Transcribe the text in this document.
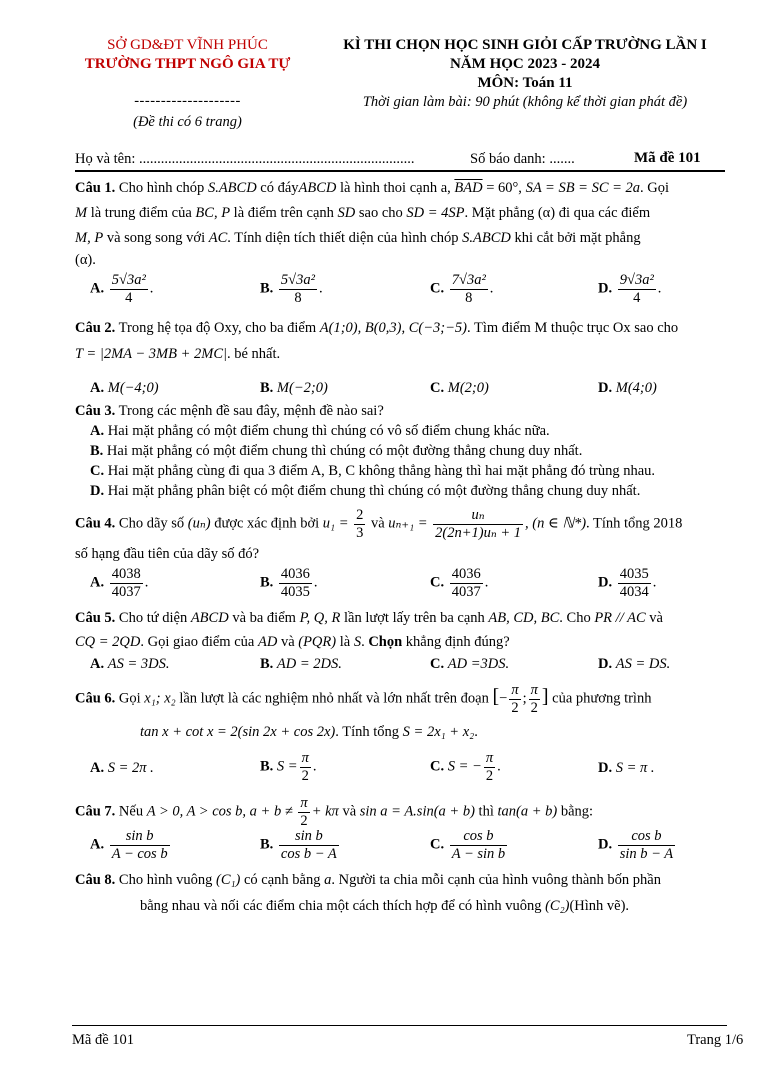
SỞ GD&ĐT VĨNH PHÚC
TRƯỜNG THPT NGÔ GIA TỰ
--------------------
(Đề thi có 6 trang)
KÌ THI CHỌN HỌC SINH GIỎI CẤP TRƯỜNG LẦN I
NĂM HỌC 2023 - 2024
MÔN: Toán 11
Thời gian làm bài: 90 phút (không kể thời gian phát đề)
Họ và tên: ............................................................................	Số báo danh: .......	Mã đề 101
Câu 1. Cho hình chóp S.ABCD có đáyABCD là hình thoi cạnh a, $\overline{BAD} = 60^\circ$, SA = SB = SC = 2a. Gọi
M là trung điểm của BC, P là điểm trên cạnh SD sao cho SD = 4SP. Mặt phẳng (α) đi qua các điểm
M, P và song song với AC. Tính diện tích thiết diện của hình chóp S.ABCD khi cắt bởi mặt phẳng
(α).
A. $\frac{\text{5√3a²}}{4}$ .	B. $\frac{\text{5√3a²}}{8}$ .	C. $\frac{\text{7√3a²}}{8}$ .	D. $\frac{\text{9√3a²}}{4}$ .
Câu 2. Trong hệ tọa độ Oxy, cho ba điểm A(1;0), B(0,3), C(−3;−5). Tìm điểm M thuộc trục Ox sao cho
T = |2MA − 3MB + 2MC|. bé nhất.
A. M(−4;0)	B. M(−2;0)	C. M(2;0)	D. M(4;0)
Câu 3. Trong các mệnh đề sau đây, mệnh đề nào sai?
A. Hai mặt phẳng có một điểm chung thì chúng có vô số điểm chung khác nữa.
B. Hai mặt phẳng có một điểm chung thì chúng có một đường thẳng chung duy nhất.
C. Hai mặt phẳng cùng đi qua 3 điểm A, B, C không thẳng hàng thì hai mặt phẳng đó trùng nhau.
D. Hai mặt phẳng phân biệt có một điểm chung thì chúng có một đường thẳng chung duy nhất.
Câu 4. Cho dãy số (uₙ) được xác định bởi $u_1 = \frac{2}{3}$ và $u_{n+1} = \frac{\text{uₙ}}{\text{2(2n+1)uₙ + 1}}$ , (n ∈ ℕ*). Tính tổng 2018
số hạng đầu tiên của dãy số đó?
A. $\frac{4038}{4037}$ .	B. $\frac{4036}{4035}$ .	C. $\frac{4036}{4037}$ .	D. $\frac{4035}{4034}$ .
Câu 5. Cho tứ diện ABCD và ba điểm P, Q, R lần lượt lấy trên ba cạnh AB, CD, BC. Cho PR // AC và
CQ = 2QD. Gọi giao điểm của AD và (PQR) là S. Chọn khẳng định đúng?
A. AS = 3DS.	B. AD = 2DS.	C. AD =3DS.	D. AS = DS.
Câu 6. Gọi x₁; x₂ lần lượt là các nghiệm nhỏ nhất và lớn nhất trên đoạn [− $\frac{\pi}{2}$ ; $\frac{\pi}{2}$ ] của phương trình
tan x + cot x = 2(sin 2x + cos 2x). Tính tổng S = 2x₁ + x₂.
A. S = 2π .	B. $S = \frac{\pi}{2}$ .	C. S = − $\frac{\pi}{2}$ .	D. S = π .
Câu 7. Nếu A > 0, A > cos b, $a + b \ne \frac{\pi}{2} + k\pi$ và sin a = A.sin(a + b) thì tan(a + b) bằng:
A. $\frac{\text{sin b}}{\text{A − cos b}}$	B. $\frac{\text{sin b}}{\text{cos b − A}}$	C. $\frac{\text{cos b}}{\text{A − sin b}}$	D. $\frac{\text{cos b}}{\text{sin b − A}}$
Câu 8. Cho hình vuông (C₁) có cạnh bằng a. Người ta chia mỗi cạnh của hình vuông thành bốn phần
bằng nhau và nối các điểm chia một cách thích hợp để có hình vuông (C₂)(Hình vẽ).
Mã đề 101	Trang 1/6
